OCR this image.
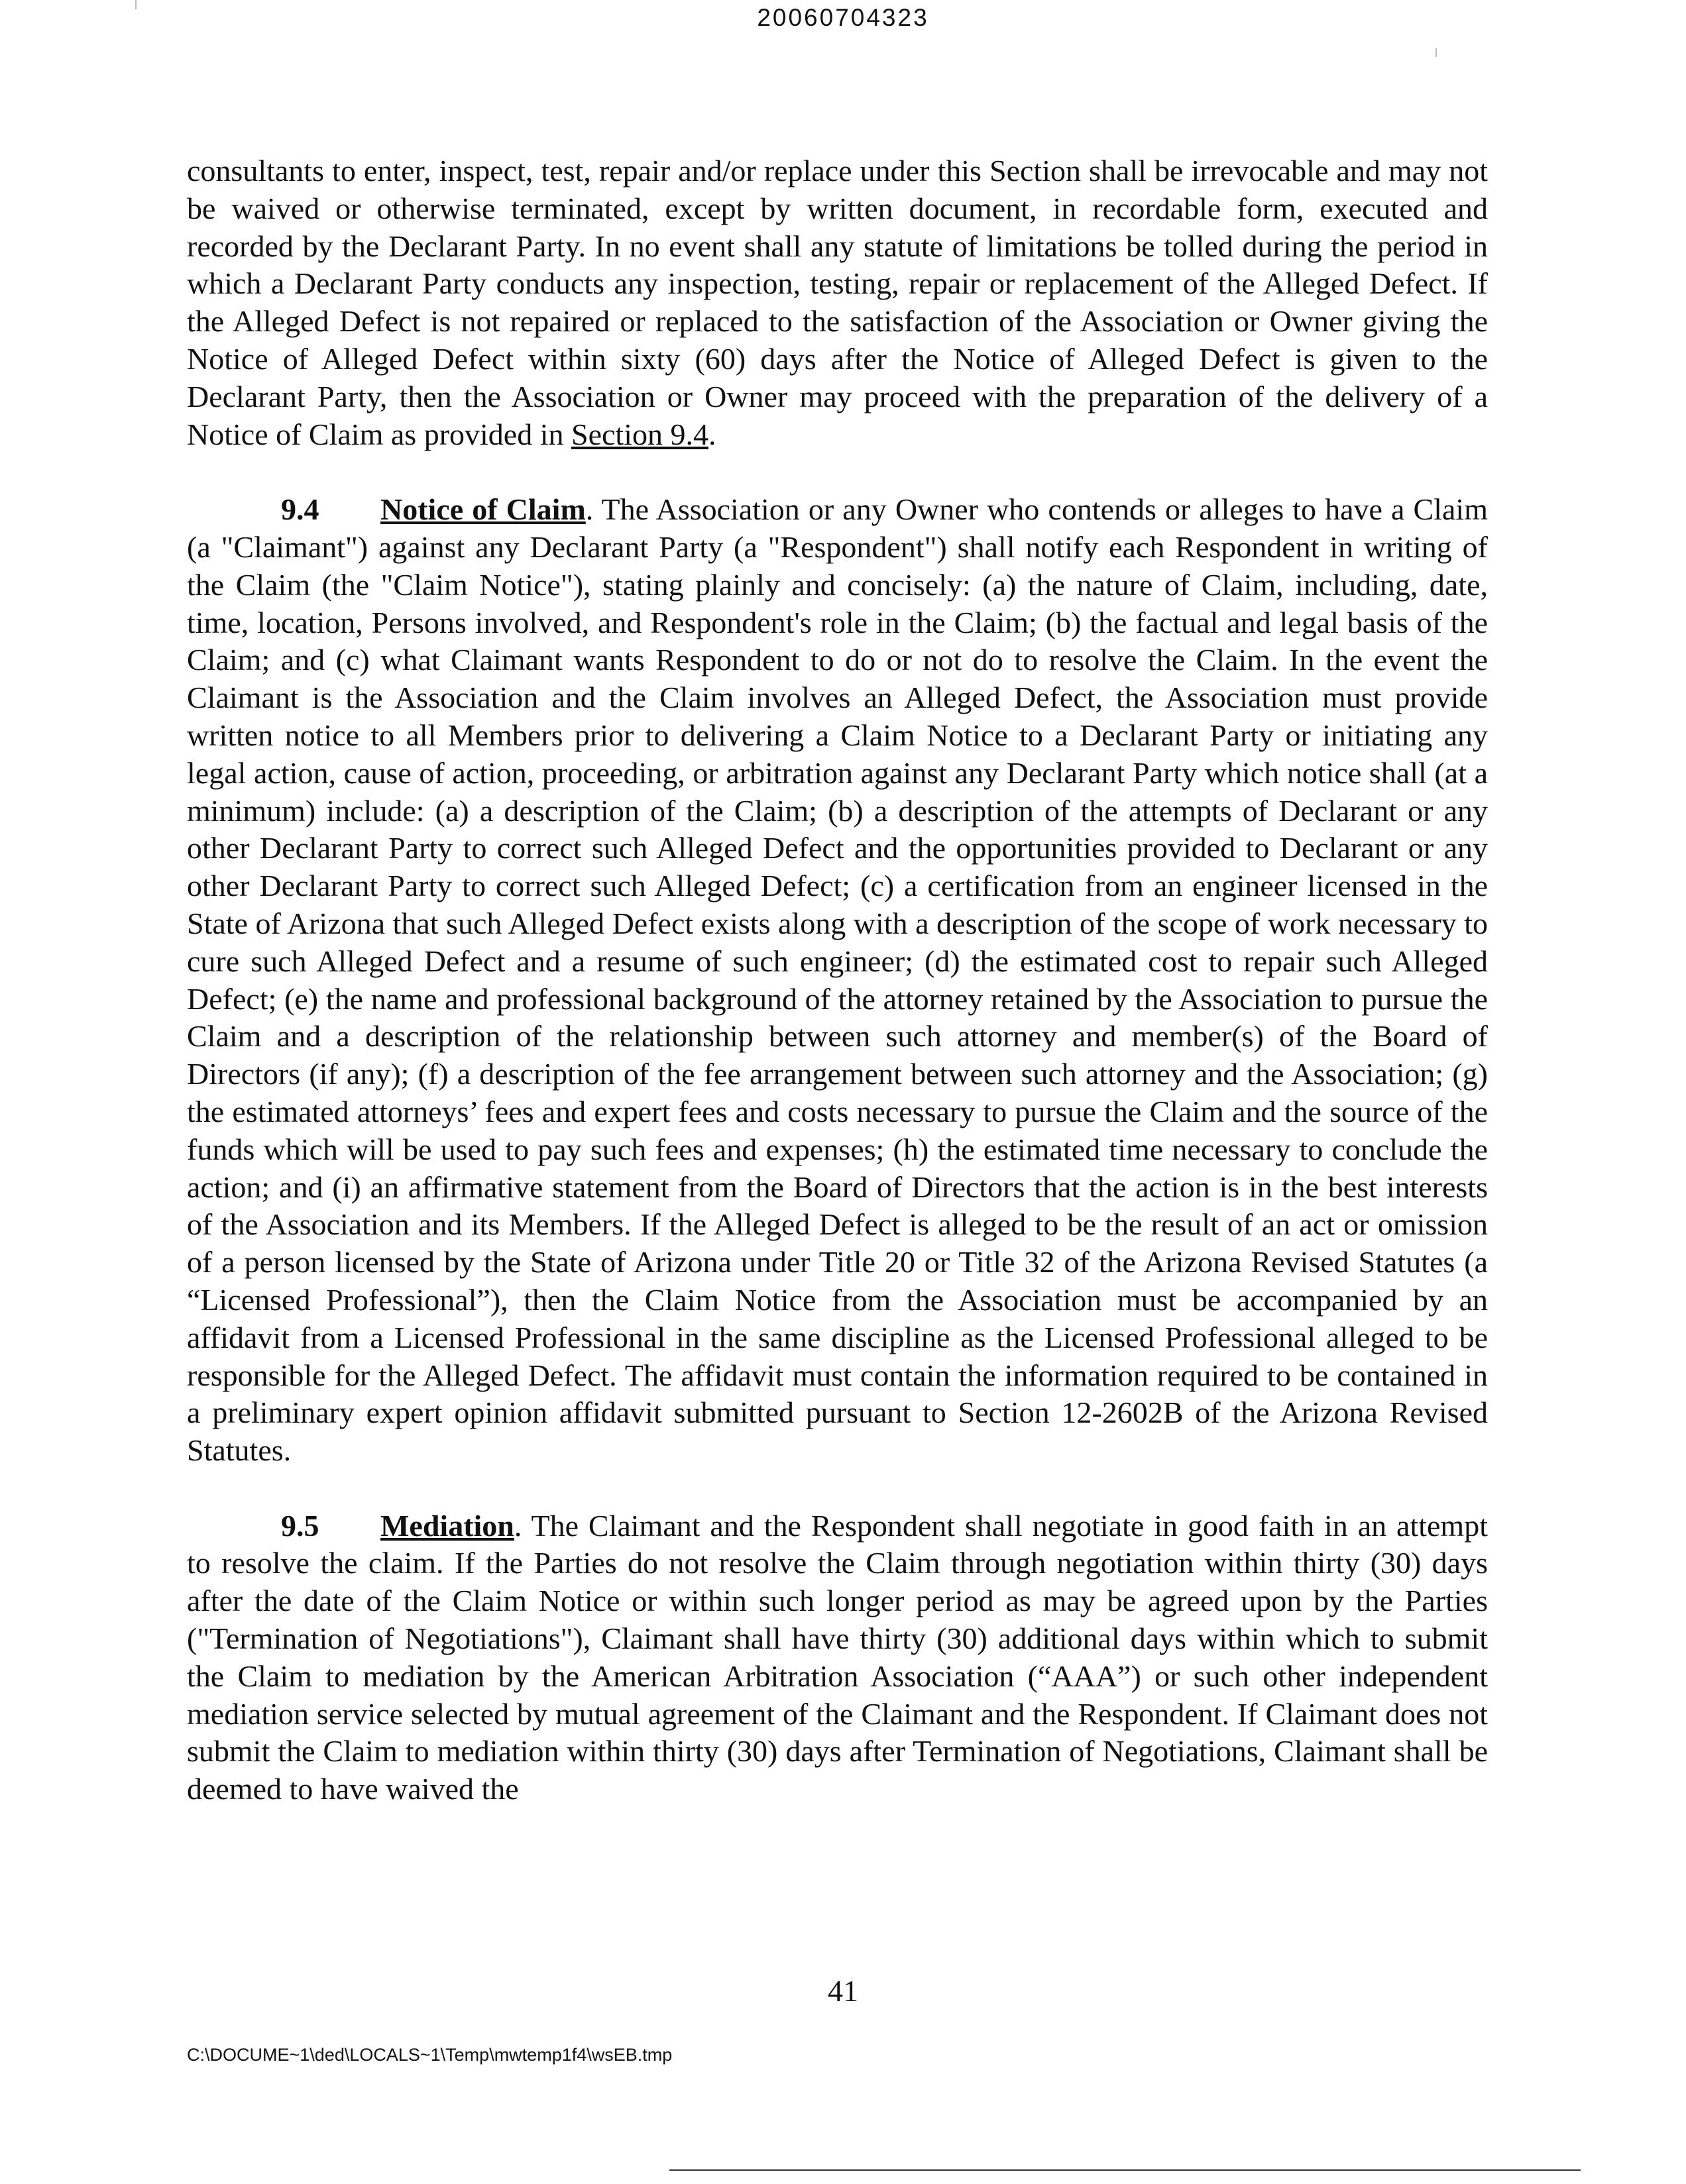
20060704323

consultants to enter, inspect, test, repair and/or replace under this Section shall be irrevocable and may not be waived or otherwise terminated, except by written document, in recordable form, executed and recorded by the Declarant Party. In no event shall any statute of limitations be tolled during the period in which a Declarant Party conducts any inspection, testing, repair or replacement of the Alleged Defect. If the Alleged Defect is not repaired or replaced to the satisfaction of the Association or Owner giving the Notice of Alleged Defect within sixty (60) days after the Notice of Alleged Defect is given to the Declarant Party, then the Association or Owner may proceed with the preparation of the delivery of a Notice of Claim as provided in Section 9.4.

9.4 Notice of Claim. The Association or any Owner who contends or alleges to have a Claim (a "Claimant") against any Declarant Party (a "Respondent") shall notify each Respondent in writing of the Claim (the "Claim Notice"), stating plainly and concisely: (a) the nature of Claim, including, date, time, location, Persons involved, and Respondent's role in the Claim; (b) the factual and legal basis of the Claim; and (c) what Claimant wants Respondent to do or not do to resolve the Claim. In the event the Claimant is the Association and the Claim involves an Alleged Defect, the Association must provide written notice to all Members prior to delivering a Claim Notice to a Declarant Party or initiating any legal action, cause of action, proceeding, or arbitration against any Declarant Party which notice shall (at a minimum) include: (a) a description of the Claim; (b) a description of the attempts of Declarant or any other Declarant Party to correct such Alleged Defect and the opportunities provided to Declarant or any other Declarant Party to correct such Alleged Defect; (c) a certification from an engineer licensed in the State of Arizona that such Alleged Defect exists along with a description of the scope of work necessary to cure such Alleged Defect and a resume of such engineer; (d) the estimated cost to repair such Alleged Defect; (e) the name and professional background of the attorney retained by the Association to pursue the Claim and a description of the relationship between such attorney and member(s) of the Board of Directors (if any); (f) a description of the fee arrangement between such attorney and the Association; (g) the estimated attorneys’ fees and expert fees and costs necessary to pursue the Claim and the source of the funds which will be used to pay such fees and expenses; (h) the estimated time necessary to conclude the action; and (i) an affirmative statement from the Board of Directors that the action is in the best interests of the Association and its Members. If the Alleged Defect is alleged to be the result of an act or omission of a person licensed by the State of Arizona under Title 20 or Title 32 of the Arizona Revised Statutes (a “Licensed Professional”), then the Claim Notice from the Association must be accompanied by an affidavit from a Licensed Professional in the same discipline as the Licensed Professional alleged to be responsible for the Alleged Defect. The affidavit must contain the information required to be contained in a preliminary expert opinion affidavit submitted pursuant to Section 12-2602B of the Arizona Revised Statutes.

9.5 Mediation. The Claimant and the Respondent shall negotiate in good faith in an attempt to resolve the claim. If the Parties do not resolve the Claim through negotiation within thirty (30) days after the date of the Claim Notice or within such longer period as may be agreed upon by the Parties ("Termination of Negotiations"), Claimant shall have thirty (30) additional days within which to submit the Claim to mediation by the American Arbitration Association (“AAA”) or such other independent mediation service selected by mutual agreement of the Claimant and the Respondent. If Claimant does not submit the Claim to mediation within thirty (30) days after Termination of Negotiations, Claimant shall be deemed to have waived the

41
C:\DOCUME~1\ded\LOCALS~1\Temp\mwtemp1f4\wsEB.tmp
